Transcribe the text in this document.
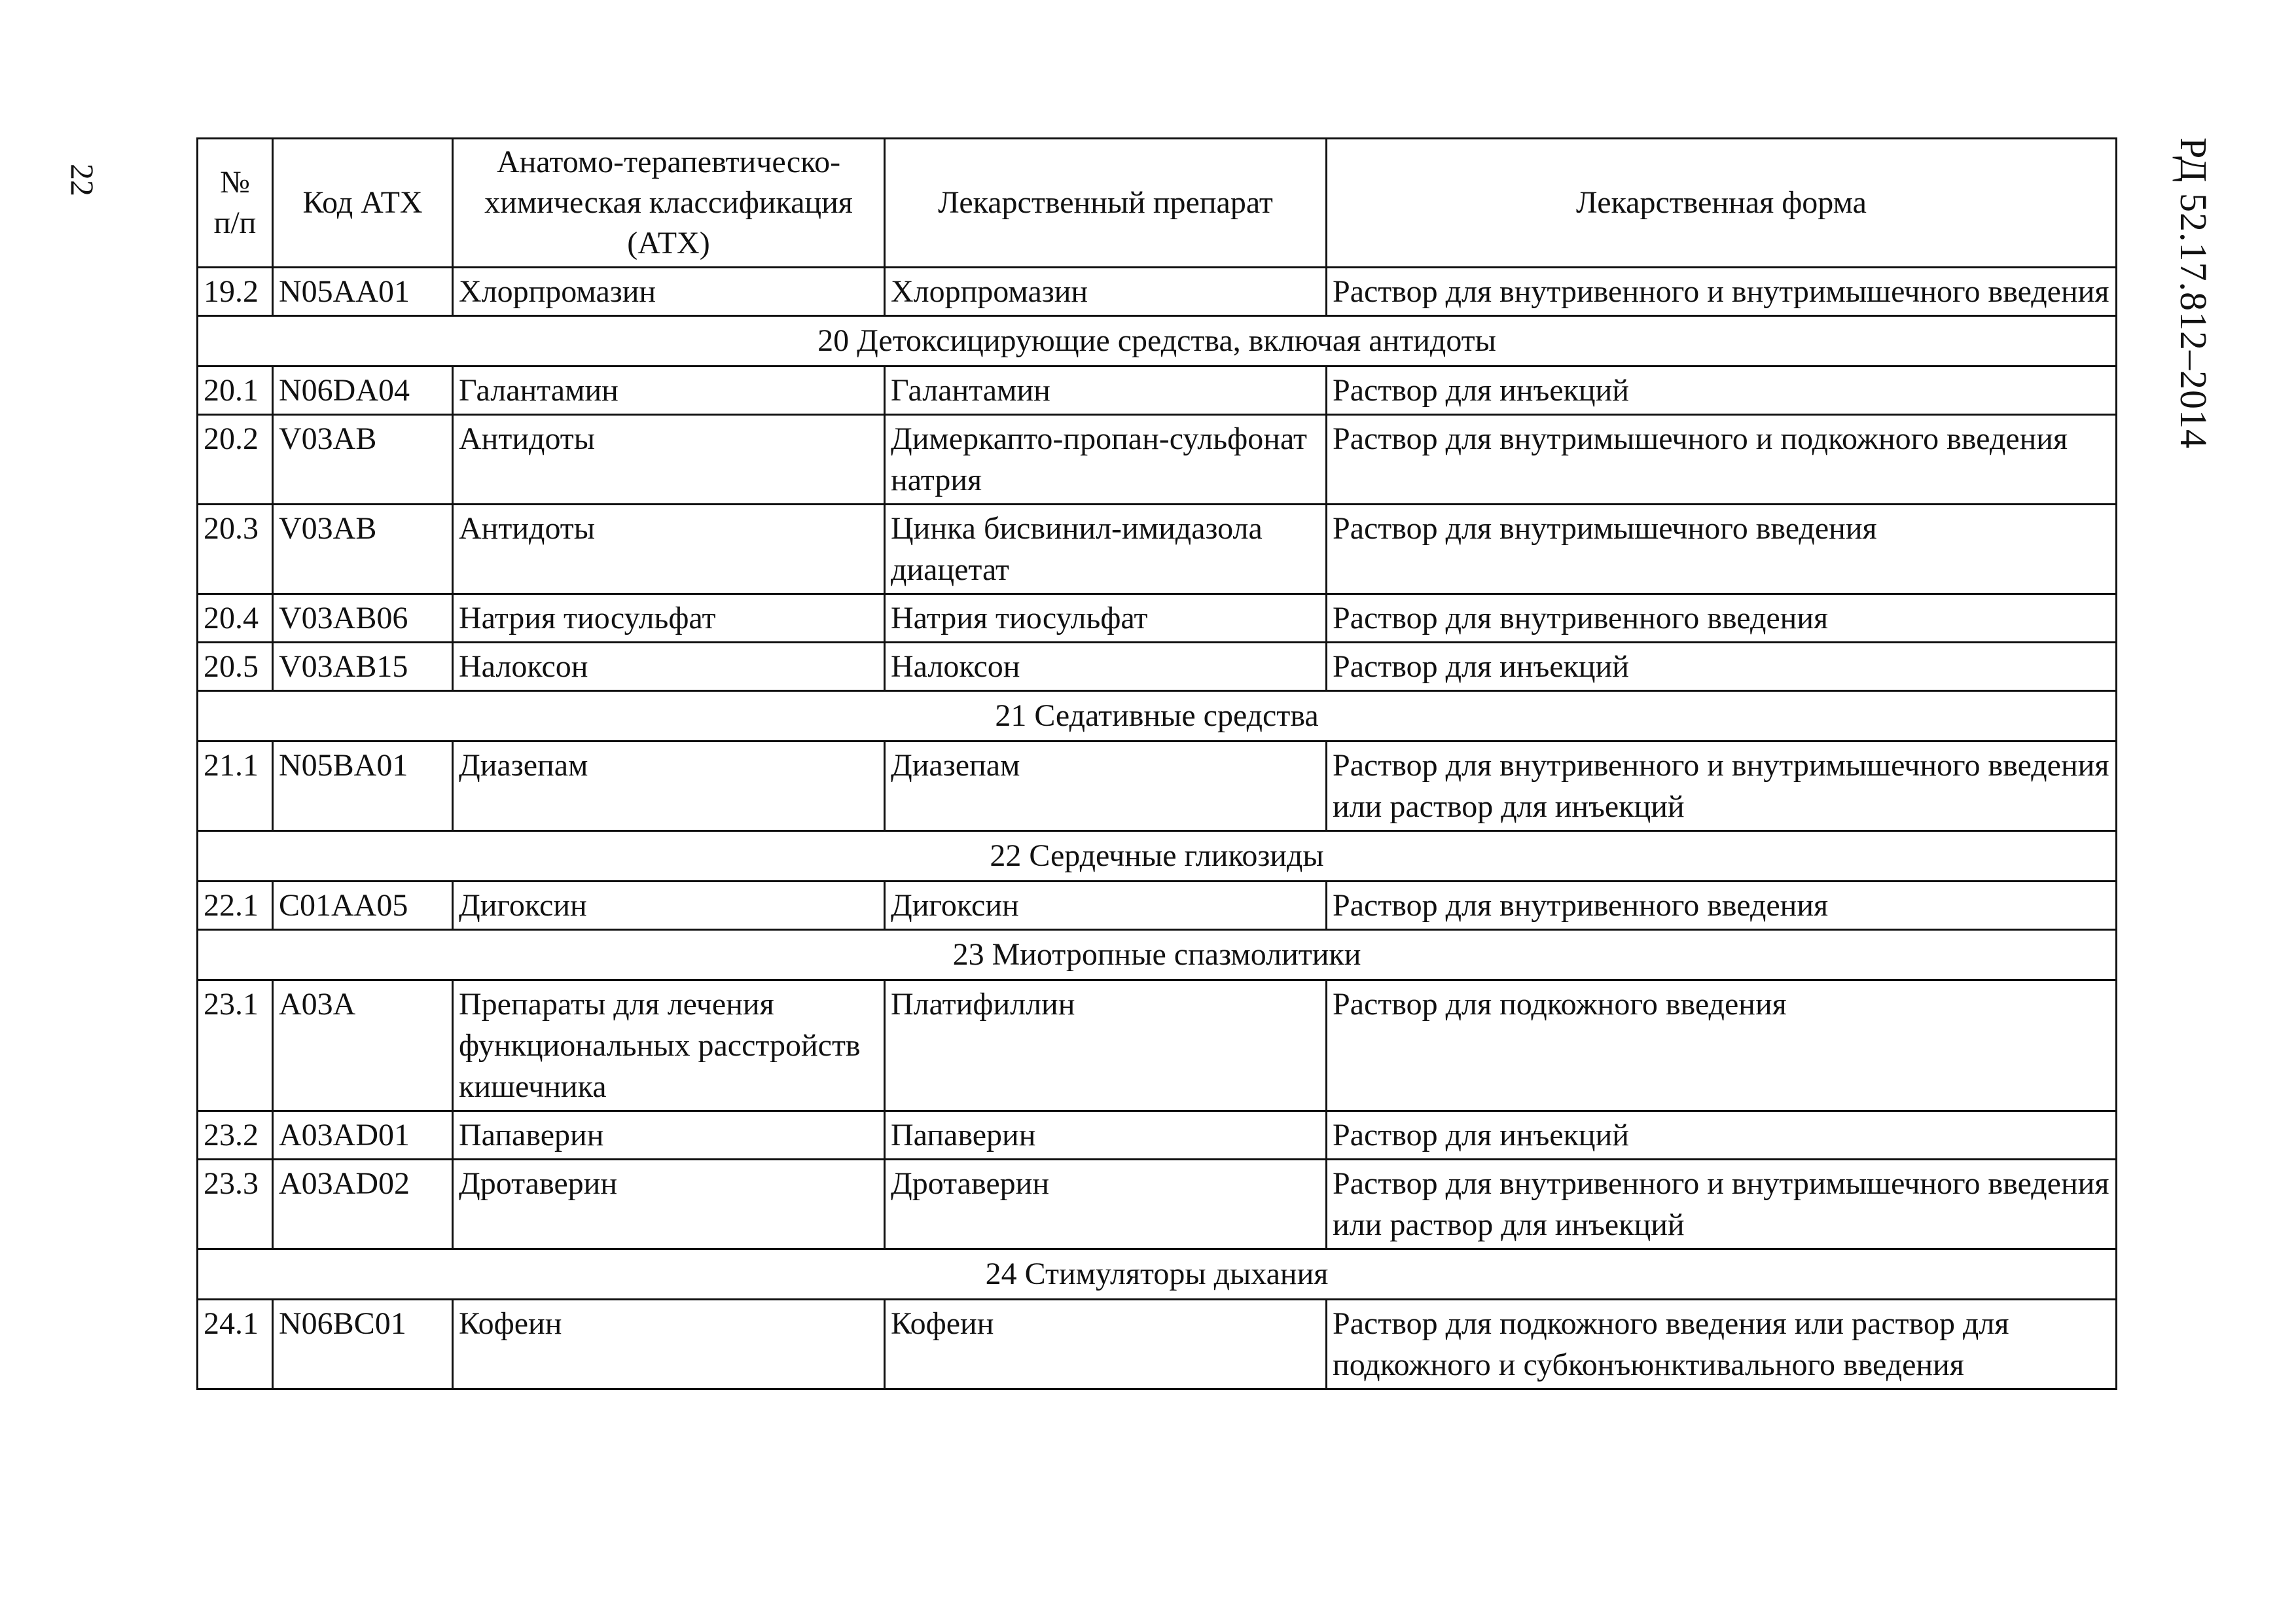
22	РД 52.17.812–2014
№ п/п	Код АТХ	Анатомо-терапевтическо-химическая классификация (АТХ)	Лекарственный препарат	Лекарственная форма
19.2	N05AA01	Хлорпромазин	Хлорпромазин	Раствор для внутривенного и внутримышечного введения
20 Детоксицирующие средства, включая антидоты				
20.1	N06DA04	Галантамин	Галантамин	Раствор для инъекций
20.2	V03AB	Антидоты	Димеркапто-пропан-сульфонат натрия	Раствор для внутримышечного и подкожного введения
20.3	V03AB	Антидоты	Цинка бисвинил-имидазола диацетат	Раствор для внутримышечного введения
20.4	V03AB06	Натрия тиосульфат	Натрия тиосульфат	Раствор для внутривенного введения
20.5	V03AB15	Налоксон	Налоксон	Раствор для инъекций
21 Седативные средства				
21.1	N05BA01	Диазепам	Диазепам	Раствор для внутривенного и внутримышечного введения или раствор для инъекций
22 Сердечные гликозиды				
22.1	C01AA05	Дигоксин	Дигоксин	Раствор для внутривенного введения
23 Миотропные спазмолитики				
23.1	A03A	Препараты для лечения функциональных расстройств кишечника	Платифиллин	Раствор для подкожного введения
23.2	A03AD01	Папаверин	Папаверин	Раствор для инъекций
23.3	A03AD02	Дротаверин	Дротаверин	Раствор для внутривенного и внутримышечного введения или раствор для инъекций
24 Стимуляторы дыхания				
24.1	N06BC01	Кофеин	Кофеин	Раствор для подкожного введения или раствор для подкожного и субконъюнктивального введения
